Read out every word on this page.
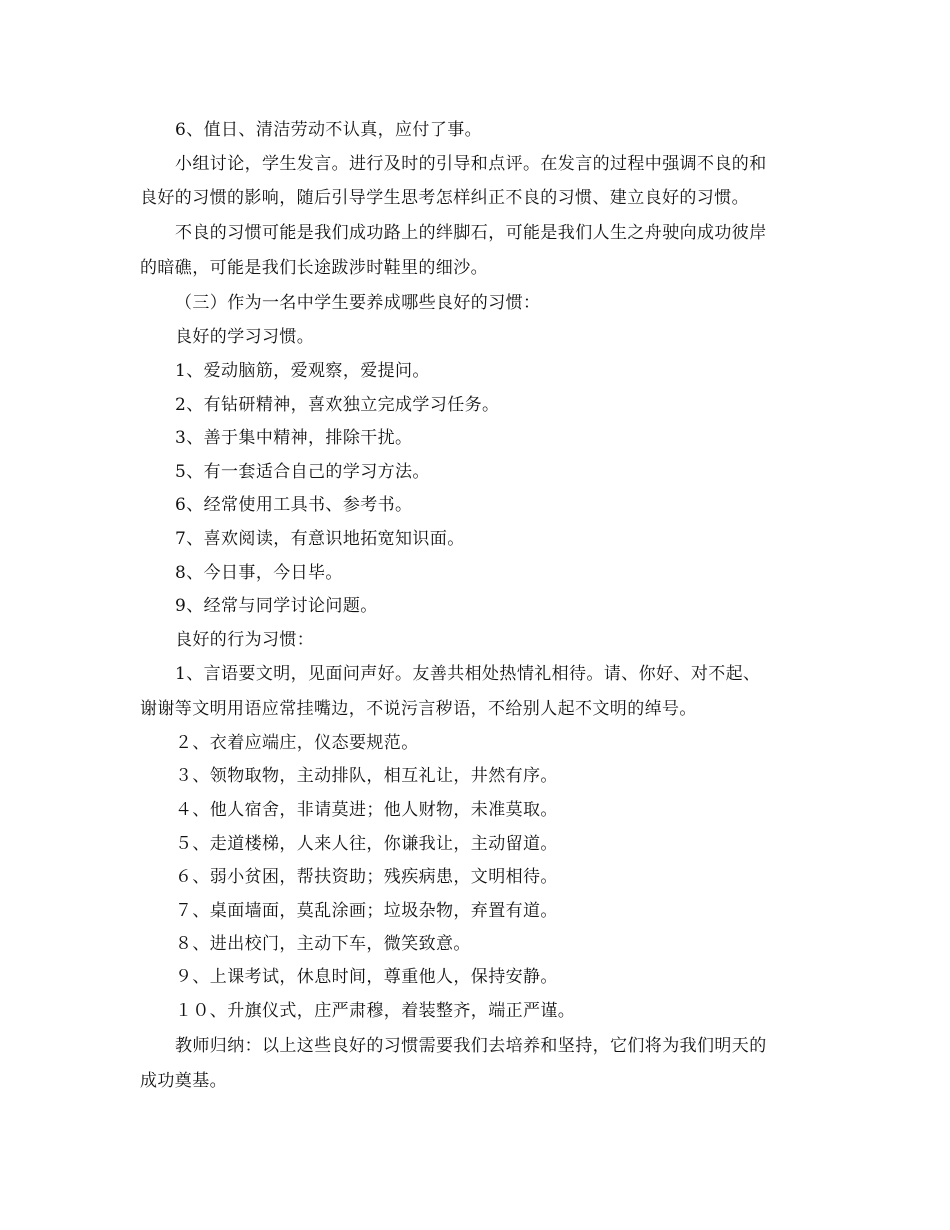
6、值日、清洁劳动不认真，应付了事。
小组讨论，学生发言。进行及时的引导和点评。在发言的过程中强调不良的和
良好的习惯的影响，随后引导学生思考怎样纠正不良的习惯、建立良好的习惯。
不良的习惯可能是我们成功路上的绊脚石，可能是我们人生之舟驶向成功彼岸
的暗礁，可能是我们长途跋涉时鞋里的细沙。
（三）作为一名中学生要养成哪些良好的习惯：
良好的学习习惯。
1、爱动脑筋，爱观察，爱提问。
2、有钻研精神，喜欢独立完成学习任务。
3、善于集中精神，排除干扰。
5、有一套适合自己的学习方法。
6、经常使用工具书、参考书。
7、喜欢阅读，有意识地拓宽知识面。
8、今日事，今日毕。
9、经常与同学讨论问题。
良好的行为习惯：
1、言语要文明，见面问声好。友善共相处热情礼相待。请、你好、对不起、
谢谢等文明用语应常挂嘴边，不说污言秽语，不给别人起不文明的绰号。
２、衣着应端庄，仪态要规范。
３、领物取物，主动排队，相互礼让，井然有序。
４、他人宿舍，非请莫进；他人财物，未准莫取。
５、走道楼梯，人来人往，你谦我让，主动留道。
６、弱小贫困，帮扶资助；残疾病患，文明相待。
７、桌面墙面，莫乱涂画；垃圾杂物，弃置有道。
８、进出校门，主动下车，微笑致意。
９、上课考试，休息时间，尊重他人，保持安静。
１０、升旗仪式，庄严肃穆，着装整齐，端正严谨。
教师归纳：以上这些良好的习惯需要我们去培养和坚持，它们将为我们明天的
成功奠基。
